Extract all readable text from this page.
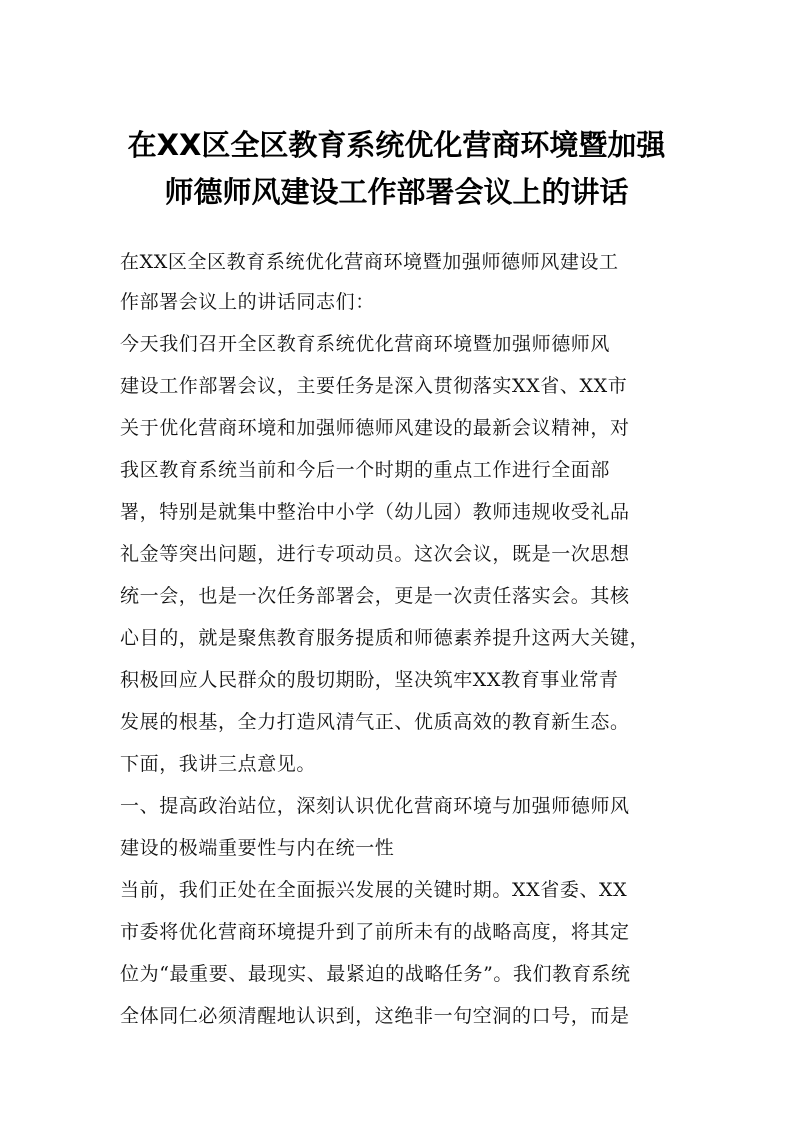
在XX区全区教育系统优化营商环境暨加强
师德师风建设工作部署会议上的讲话

在XX区全区教育系统优化营商环境暨加强师德师风建设工

作部署会议上的讲话同志们：

今天我们召开全区教育系统优化营商环境暨加强师德师风

建设工作部署会议，主要任务是深入贯彻落实XX省、XX市

关于优化营商环境和加强师德师风建设的最新会议精神，对

我区教育系统当前和今后一个时期的重点工作进行全面部

署，特别是就集中整治中小学（幼儿园）教师违规收受礼品

礼金等突出问题，进行专项动员。这次会议，既是一次思想

统一会，也是一次任务部署会，更是一次责任落实会。其核

心目的，就是聚焦教育服务提质和师德素养提升这两大关键，

积极回应人民群众的殷切期盼，坚决筑牢XX教育事业常青

发展的根基，全力打造风清气正、优质高效的教育新生态。

下面，我讲三点意见。

一、提高政治站位，深刻认识优化营商环境与加强师德师风

建设的极端重要性与内在统一性

当前，我们正处在全面振兴发展的关键时期。XX省委、XX

市委将优化营商环境提升到了前所未有的战略高度，将其定

位为“最重要、最现实、最紧迫的战略任务”。我们教育系统

全体同仁必须清醒地认识到，这绝非一句空洞的口号，而是
